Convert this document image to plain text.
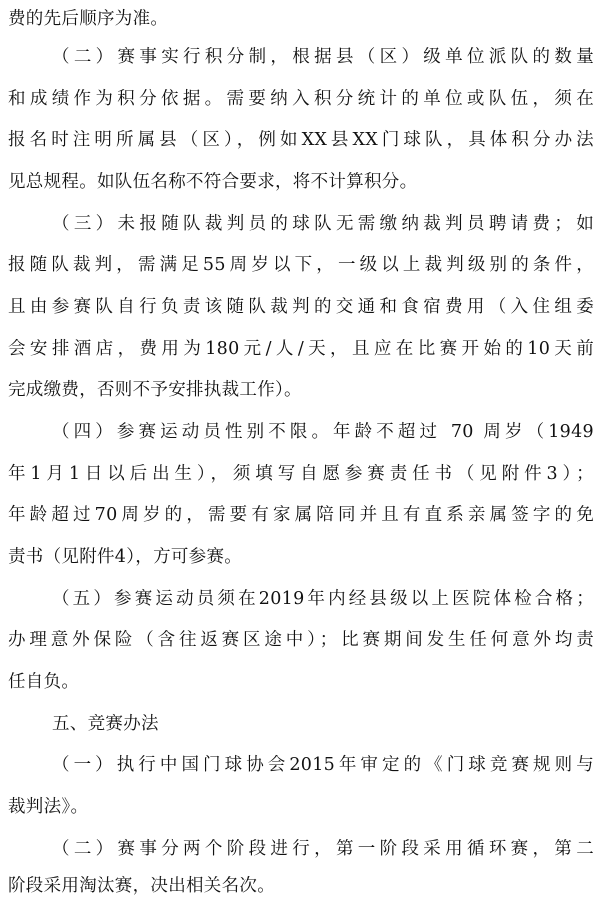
费的先后顺序为准。
（二）赛事实行积分制，根据县（区）级单位派队的数量
和成绩作为积分依据。需要纳入积分统计的单位或队伍，须在
报名时注明所属县（区），例如XX县XX门球队，具体积分办法
见总规程。如队伍名称不符合要求，将不计算积分。
（三）未报随队裁判员的球队无需缴纳裁判员聘请费；如
报随队裁判，需满足55周岁以下，一级以上裁判级别的条件，
且由参赛队自行负责该随队裁判的交通和食宿费用（入住组委
会安排酒店，费用为180元/人/天，且应在比赛开始的10天前
完成缴费，否则不予安排执裁工作）。
（四）参赛运动员性别不限。年龄不超过 70 周岁（1949
年1月1日以后出生），须填写自愿参赛责任书（见附件3）；
年龄超过70周岁的，需要有家属陪同并且有直系亲属签字的免
责书（见附件4），方可参赛。
（五）参赛运动员须在2019年内经县级以上医院体检合格；
办理意外保险（含往返赛区途中）；比赛期间发生任何意外均责
任自负。
五、竞赛办法
（一）执行中国门球协会2015年审定的《门球竞赛规则与
裁判法》。
（二）赛事分两个阶段进行，第一阶段采用循环赛，第二
阶段采用淘汰赛，决出相关名次。
